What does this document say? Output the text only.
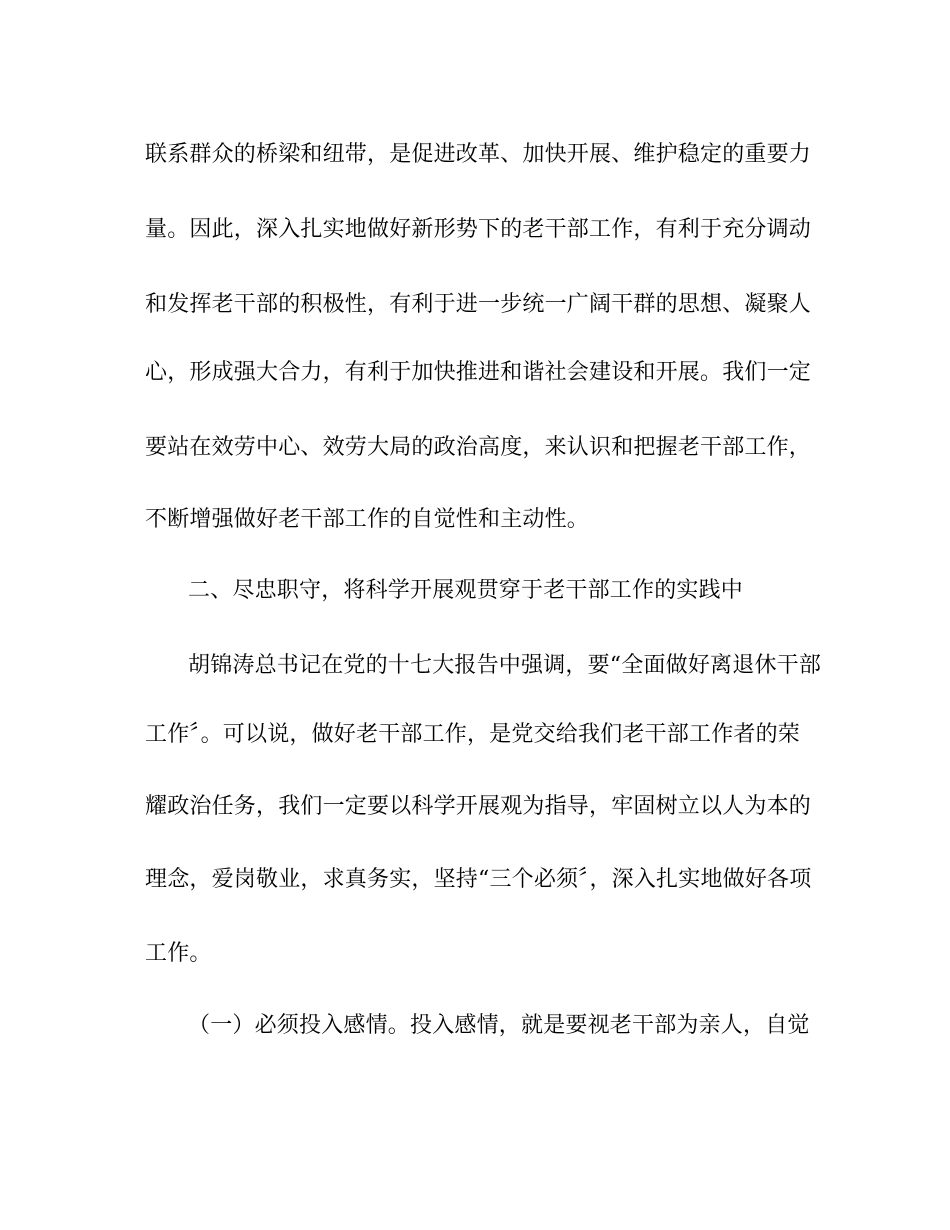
联系群众的桥梁和纽带，是促进改革、加快开展、维护稳定的重要力
量。因此，深入扎实地做好新形势下的老干部工作，有利于充分调动
和发挥老干部的积极性，有利于进一步统一广阔干群的思想、凝聚人
心，形成强大合力，有利于加快推进和谐社会建设和开展。我们一定
要站在效劳中心、效劳大局的政治高度，来认识和把握老干部工作，
不断增强做好老干部工作的自觉性和主动性。
二、尽忠职守，将科学开展观贯穿于老干部工作的实践中
胡锦涛总书记在党的十七大报告中强调，要“全面做好离退休干部
工作〞。可以说，做好老干部工作，是党交给我们老干部工作者的荣
耀政治任务，我们一定要以科学开展观为指导，牢固树立以人为本的
理念，爱岗敬业，求真务实，坚持“三个必须〞，深入扎实地做好各项
工作。
（一）必须投入感情。投入感情，就是要视老干部为亲人，自觉
